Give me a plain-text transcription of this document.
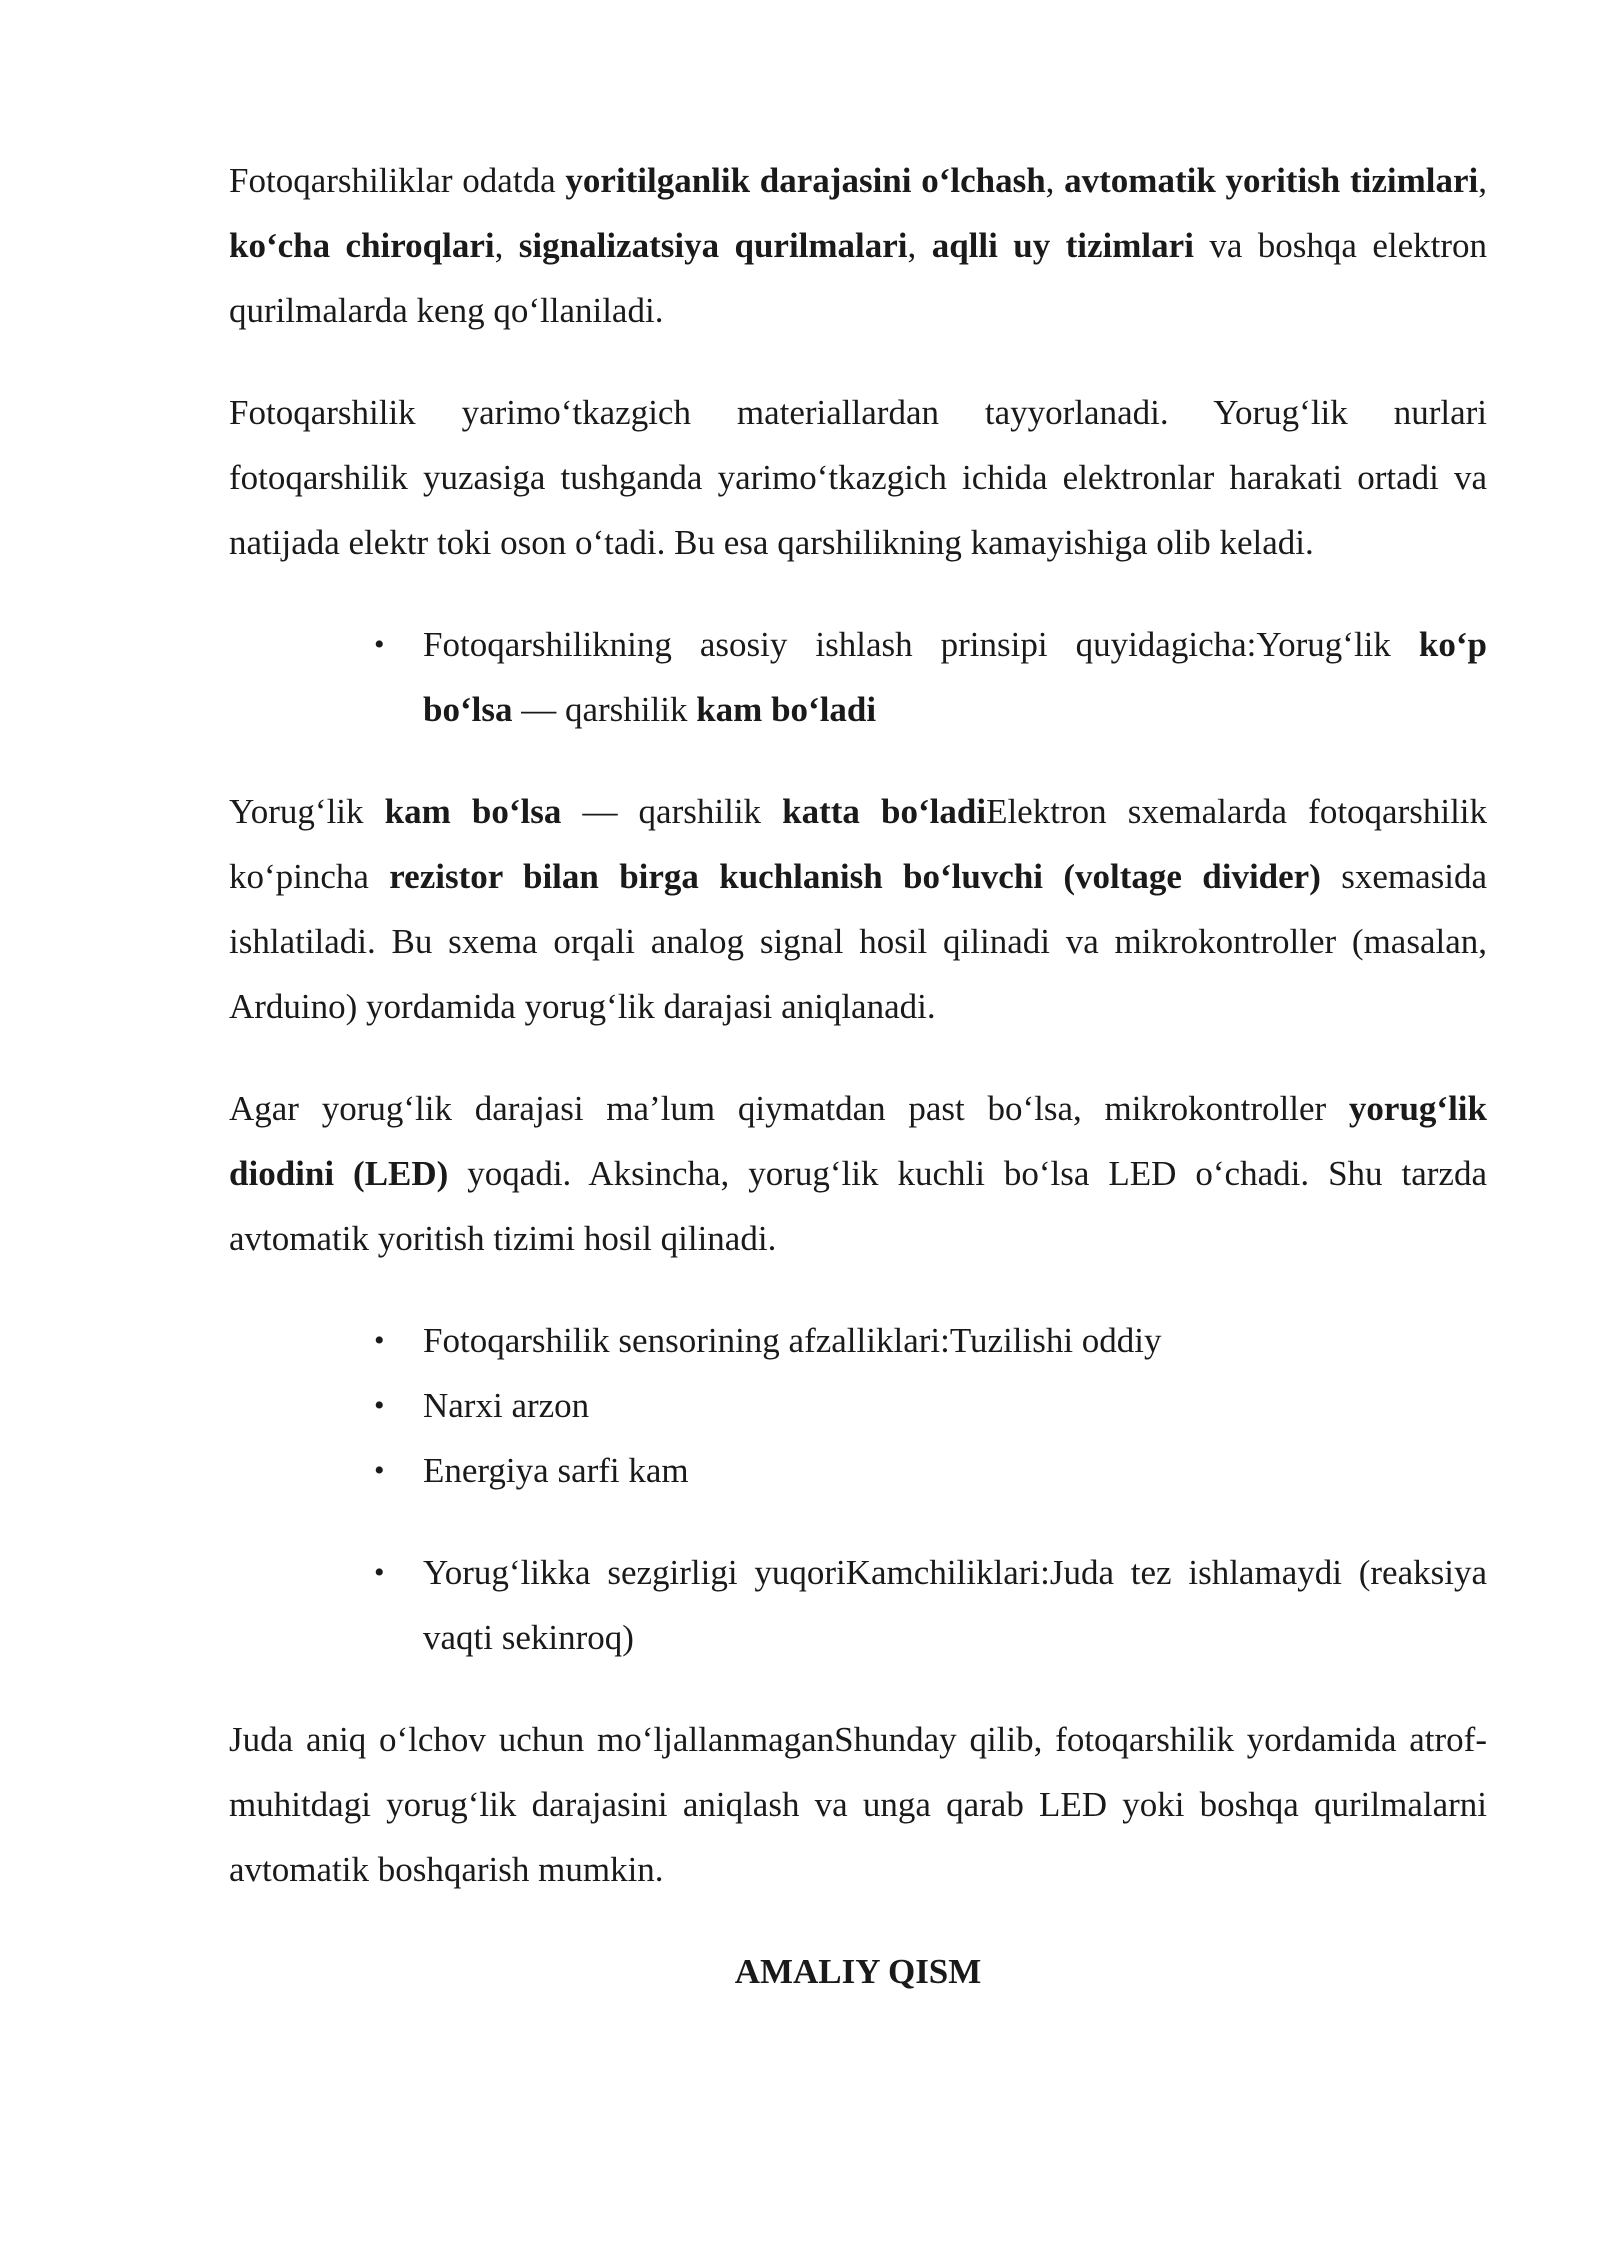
Fotoqarshiliklar odatda yoritilganlik darajasini o‘lchash, avtomatik yoritish tizimlari, ko‘cha chiroqlari, signalizatsiya qurilmalari, aqlli uy tizimlari va boshqa elektron qurilmalarda keng qo‘llaniladi.

Fotoqarshilik yarimo‘tkazgich materiallardan tayyorlanadi. Yorug‘lik nurlari fotoqarshilik yuzasiga tushganda yarimo‘tkazgich ichida elektronlar harakati ortadi va natijada elektr toki oson o‘tadi. Bu esa qarshilikning kamayishiga olib keladi.

• Fotoqarshilikning asosiy ishlash prinsipi quyidagicha:Yorug‘lik ko‘p bo‘lsa — qarshilik kam bo‘ladi

Yorug‘lik kam bo‘lsa — qarshilik katta bo‘ladiElektron sxemalarda fotoqarshilik ko‘pincha rezistor bilan birga kuchlanish bo‘luvchi (voltage divider) sxemasida ishlatiladi. Bu sxema orqali analog signal hosil qilinadi va mikrokontroller (masalan, Arduino) yordamida yorug‘lik darajasi aniqlanadi.

Agar yorug‘lik darajasi ma’lum qiymatdan past bo‘lsa, mikrokontroller yorug‘lik diodini (LED) yoqadi. Aksincha, yorug‘lik kuchli bo‘lsa LED o‘chadi. Shu tarzda avtomatik yoritish tizimi hosil qilinadi.

• Fotoqarshilik sensorining afzalliklari:Tuzilishi oddiy
• Narxi arzon
• Energiya sarfi kam
• Yorug‘likka sezgirligi yuqoriKamchiliklari:Juda tez ishlamaydi (reaksiya vaqti sekinroq)

Juda aniq o‘lchov uchun mo‘ljallanmaganShunday qilib, fotoqarshilik yordamida atrof-muhitdagi yorug‘lik darajasini aniqlash va unga qarab LED yoki boshqa qurilmalarni avtomatik boshqarish mumkin.

AMALIY QISM
